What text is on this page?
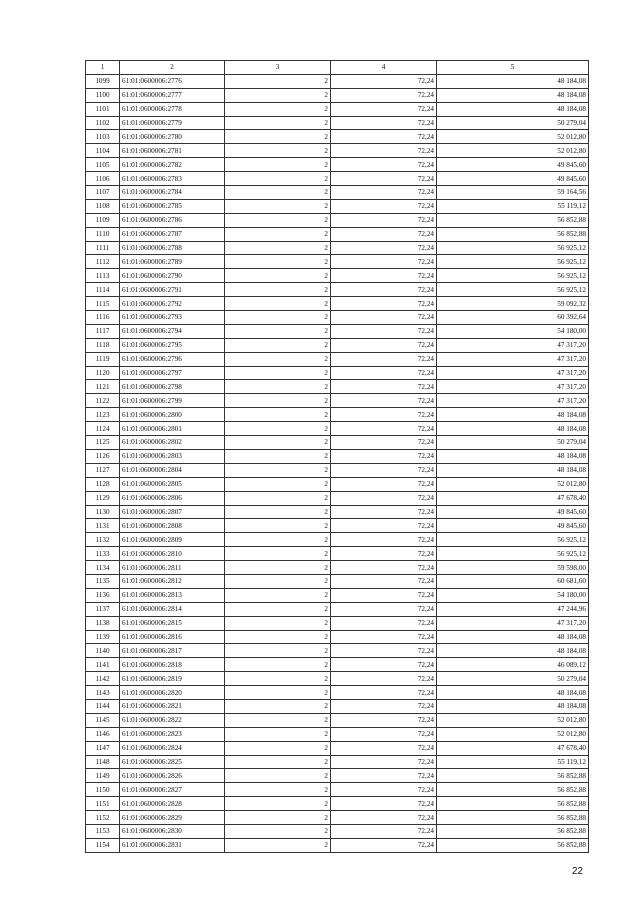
1	2	3	4	5
1099	61:01:0600006:2776	2	72,24	48 184,08
1100	61:01:0600006:2777	2	72,24	48 184,08
1101	61:01:0600006:2778	2	72,24	48 184,08
1102	61:01:0600006:2779	2	72,24	50 279,04
1103	61:01:0600006:2780	2	72,24	52 012,80
1104	61:01:0600006:2781	2	72,24	52 012,80
1105	61:01:0600006:2782	2	72,24	49 845,60
1106	61:01:0600006:2783	2	72,24	49 845,60
1107	61:01:0600006:2784	2	72,24	59 164,56
1108	61:01:0600006:2785	2	72,24	55 119,12
1109	61:01:0600006:2786	2	72,24	56 852,88
1110	61:01:0600006:2787	2	72,24	56 852,88
1111	61:01:0600006:2788	2	72,24	56 925,12
1112	61:01:0600006:2789	2	72,24	56 925,12
1113	61:01:0600006:2790	2	72,24	56 925,12
1114	61:01:0600006:2791	2	72,24	56 925,12
1115	61:01:0600006:2792	2	72,24	59 092,32
1116	61:01:0600006:2793	2	72,24	60 392,64
1117	61:01:0600006:2794	2	72,24	54 180,00
1118	61:01:0600006:2795	2	72,24	47 317,20
1119	61:01:0600006:2796	2	72,24	47 317,20
1120	61:01:0600006:2797	2	72,24	47 317,20
1121	61:01:0600006:2798	2	72,24	47 317,20
1122	61:01:0600006:2799	2	72,24	47 317,20
1123	61:01:0600006:2800	2	72,24	48 184,08
1124	61:01:0600006:2801	2	72,24	48 184,08
1125	61:01:0600006:2802	2	72,24	50 279,04
1126	61:01:0600006:2803	2	72,24	48 184,08
1127	61:01:0600006:2804	2	72,24	48 184,08
1128	61:01:0600006:2805	2	72,24	52 012,80
1129	61:01:0600006:2806	2	72,24	47 678,40
1130	61:01:0600006:2807	2	72,24	49 845,60
1131	61:01:0600006:2808	2	72,24	49 845,60
1132	61:01:0600006:2809	2	72,24	56 925,12
1133	61:01:0600006:2810	2	72,24	56 925,12
1134	61:01:0600006:2811	2	72,24	59 598,00
1135	61:01:0600006:2812	2	72,24	60 681,60
1136	61:01:0600006:2813	2	72,24	54 180,00
1137	61:01:0600006:2814	2	72,24	47 244,96
1138	61:01:0600006:2815	2	72,24	47 317,20
1139	61:01:0600006:2816	2	72,24	48 184,08
1140	61:01:0600006:2817	2	72,24	48 184,08
1141	61:01:0600006:2818	2	72,24	46 089,12
1142	61:01:0600006:2819	2	72,24	50 279,04
1143	61:01:0600006:2820	2	72,24	48 184,08
1144	61:01:0600006:2821	2	72,24	48 184,08
1145	61:01:0600006:2822	2	72,24	52 012,80
1146	61:01:0600006:2823	2	72,24	52 012,80
1147	61:01:0600006:2824	2	72,24	47 678,40
1148	61:01:0600006:2825	2	72,24	55 119,12
1149	61:01:0600006:2826	2	72,24	56 852,88
1150	61:01:0600006:2827	2	72,24	56 852,88
1151	61:01:0600006:2828	2	72,24	56 852,88
1152	61:01:0600006:2829	2	72,24	56 852,88
1153	61:01:0600006:2830	2	72,24	56 852,88
1154	61:01:0600006:2831	2	72,24	56 852,88
22
